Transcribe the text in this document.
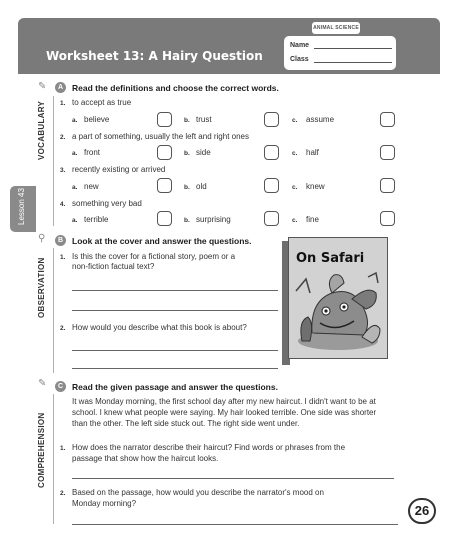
ANIMAL SCIENCE
Worksheet 13: A Hairy Question
Name
Class
Lesson 43
✎	A	Read the definitions and choose the correct words.
VOCABULARY 1. to accept as true
a. believe	b. trust	c. assume
2. a part of something, usually the left and right ones
a. front	b. side	c. half
3. recently existing or arrived
a. new	b. old	c. knew
4. something very bad
a. terrible	b. surprising	c. fine
⚲	B	Look at the cover and answer the questions.
OBSERVATION 1. Is this the cover for a fictional story, poem or a
non-fiction factual text?
2. How would you describe what this book is about?
On Safari
✎	C	Read the given passage and answer the questions.
COMPREHENSION

It was Monday morning, the first school day after my new haircut. I didn't want to be at school. I knew what people were saying. My hair looked terrible. One side was shorter than the other. The left side stuck out. The right side went under.

1. How does the narrator describe their haircut? Find words or phrases from the
passage that show how the haircut looks.
2. Based on the passage, how would you describe the narrator's mood on
Monday morning?	26
